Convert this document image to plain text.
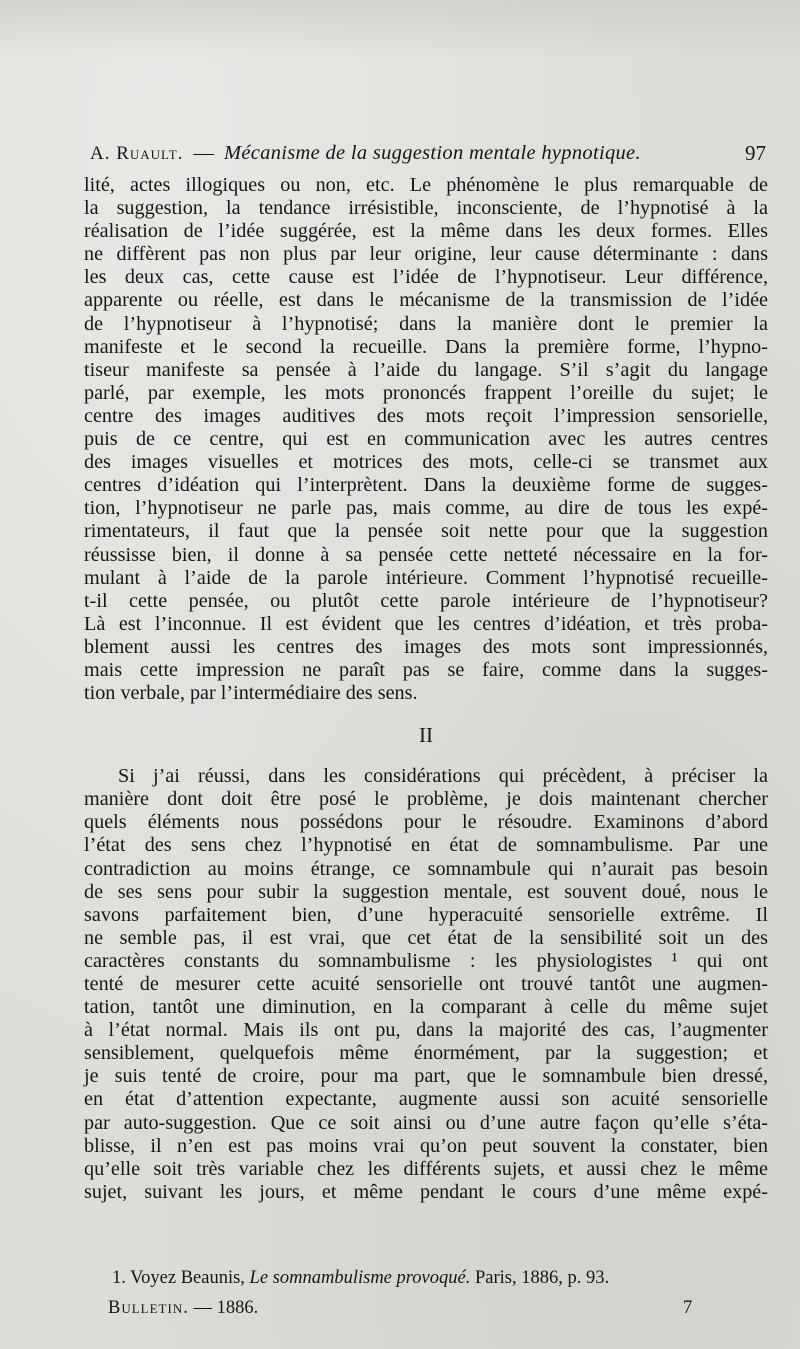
A. Ruault. — Mécanisme de la suggestion mentale hypnotique.	97
lité, actes illogiques ou non, etc. Le phénomène le plus remarquable de
la suggestion, la tendance irrésistible, inconsciente, de l’hypnotisé à la
réalisation de l’idée suggérée, est la même dans les deux formes. Elles
ne diffèrent pas non plus par leur origine, leur cause déterminante : dans
les deux cas, cette cause est l’idée de l’hypnotiseur. Leur différence,
apparente ou réelle, est dans le mécanisme de la transmission de l’idée
de l’hypnotiseur à l’hypnotisé; dans la manière dont le premier la
manifeste et le second la recueille. Dans la première forme, l’hypno-
tiseur manifeste sa pensée à l’aide du langage. S’il s’agit du langage
parlé, par exemple, les mots prononcés frappent l’oreille du sujet; le
centre des images auditives des mots reçoit l’impression sensorielle,
puis de ce centre, qui est en communication avec les autres centres
des images visuelles et motrices des mots, celle-ci se transmet aux
centres d’idéation qui l’interprètent. Dans la deuxième forme de sugges-
tion, l’hypnotiseur ne parle pas, mais comme, au dire de tous les expé-
rimentateurs, il faut que la pensée soit nette pour que la suggestion
réussisse bien, il donne à sa pensée cette netteté nécessaire en la for-
mulant à l’aide de la parole intérieure. Comment l’hypnotisé recueille-
t-il cette pensée, ou plutôt cette parole intérieure de l’hypnotiseur?
Là est l’inconnue. Il est évident que les centres d’idéation, et très proba-
blement aussi les centres des images des mots sont impressionnés,
mais cette impression ne paraît pas se faire, comme dans la sugges-
tion verbale, par l’intermédiaire des sens.
II
Si j’ai réussi, dans les considérations qui précèdent, à préciser la
manière dont doit être posé le problème, je dois maintenant chercher
quels éléments nous possédons pour le résoudre. Examinons d’abord
l’état des sens chez l’hypnotisé en état de somnambulisme. Par une
contradiction au moins étrange, ce somnambule qui n’aurait pas besoin
de ses sens pour subir la suggestion mentale, est souvent doué, nous le
savons parfaitement bien, d’une hyperacuité sensorielle extrême. Il
ne semble pas, il est vrai, que cet état de la sensibilité soit un des
caractères constants du somnambulisme : les physiologistes ¹ qui ont
tenté de mesurer cette acuité sensorielle ont trouvé tantôt une augmen-
tation, tantôt une diminution, en la comparant à celle du même sujet
à l’état normal. Mais ils ont pu, dans la majorité des cas, l’augmenter
sensiblement, quelquefois même énormément, par la suggestion; et
je suis tenté de croire, pour ma part, que le somnambule bien dressé,
en état d’attention expectante, augmente aussi son acuité sensorielle
par auto-suggestion. Que ce soit ainsi ou d’une autre façon qu’elle s’éta-
blisse, il n’en est pas moins vrai qu’on peut souvent la constater, bien
qu’elle soit très variable chez les différents sujets, et aussi chez le même
sujet, suivant les jours, et même pendant le cours d’une même expé-
1. Voyez Beaunis, Le somnambulisme provoqué. Paris, 1886, p. 93.
Bulletin. — 1886.	7
